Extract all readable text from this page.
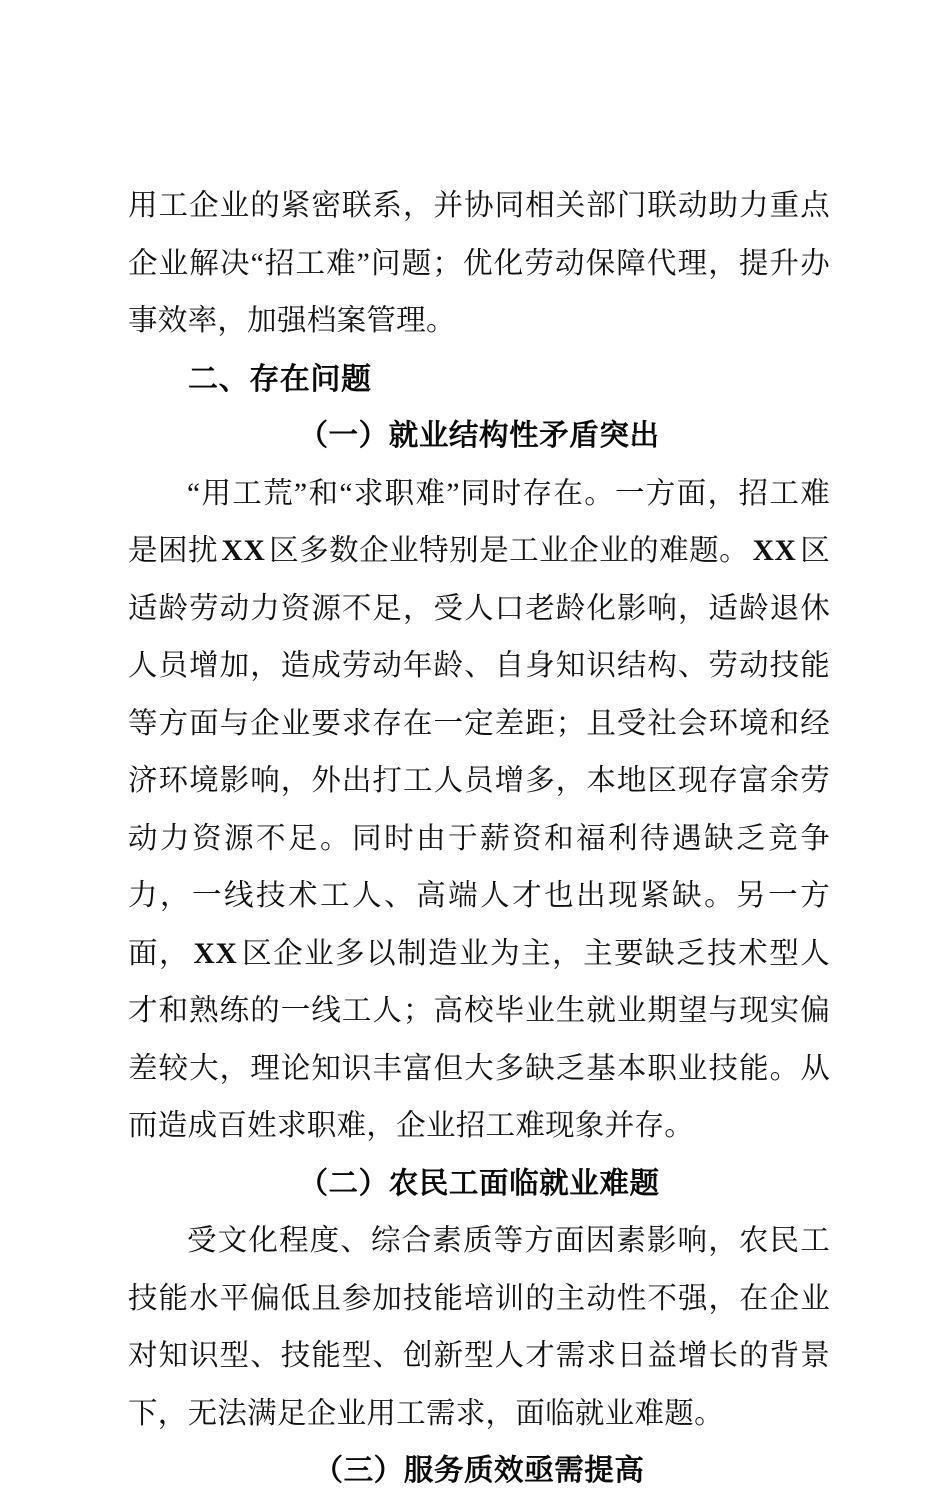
用工企业的紧密联系，并协同相关部门联动助力重点企业解决“招工难”问题；优化劳动保障代理，提升办事效率，加强档案管理。

二、存在问题

（一）就业结构性矛盾突出

“用工荒”和“求职难”同时存在。一方面，招工难是困扰 XX 区多数企业特别是工业企业的难题。 XX 区适龄劳动力资源不足，受人口老龄化影响，适龄退休人员增加，造成劳动年龄、自身知识结构、劳动技能等方面与企业要求存在一定差距；且受社会环境和经济环境影响，外出打工人员增多，本地区现存富余劳动力资源不足。同时由于薪资和福利待遇缺乏竞争力，一线技术工人、高端人才也出现紧缺。另一方面， XX 区企业多以制造业为主，主要缺乏技术型人才和熟练的一线工人；高校毕业生就业期望与现实偏差较大，理论知识丰富但大多缺乏基本职业技能。从而造成百姓求职难，企业招工难现象并存。

（二）农民工面临就业难题

受文化程度、综合素质等方面因素影响，农民工技能水平偏低且参加技能培训的主动性不强，在企业对知识型、技能型、创新型人才需求日益增长的背景下，无法满足企业用工需求，面临就业难题。

（三）服务质效亟需提高
